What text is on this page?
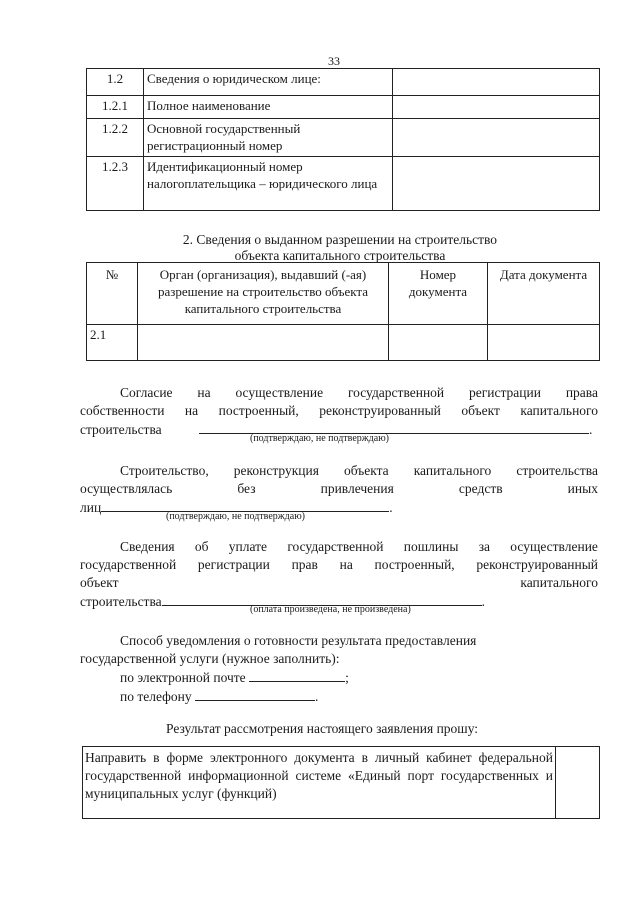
33
1.2	Сведения о юридическом лице:	
1.2.1	Полное наименование	
1.2.2	Основной государственный регистрационный номер	
1.2.3	Идентификационный номер налогоплательщика – юридического лица	
2. Сведения о выданном разрешении на строительство
объекта капитального строительства
№	Орган (организация), выдавший (-ая) разрешение на строительство объекта капитального строительства	Номер документа	Дата документа
2.1			
Согласие на осуществление государственной регистрации права
собственности на построенный, реконструированный объект капитального
строительства	.
(подтверждаю, не подтверждаю)
Строительство, реконструкция объекта капитального строительства
осуществлялась	без	привлечения	средств	иных
лиц	.
(подтверждаю, не подтверждаю)
Сведения об уплате государственной пошлины за осуществление
государственной регистрации прав на построенный, реконструированный
объект	капитального
строительства	.
(оплата произведена, не произведена)
Способ уведомления о готовности результата предоставления
государственной услуги (нужное заполнить):
по электронной почте	;
по телефону	.
Результат рассмотрения настоящего заявления прошу:
Направить в форме электронного документа в личный кабинет федеральной государственной информационной системе «Единый порт государственных и муниципальных услуг (функций)	
